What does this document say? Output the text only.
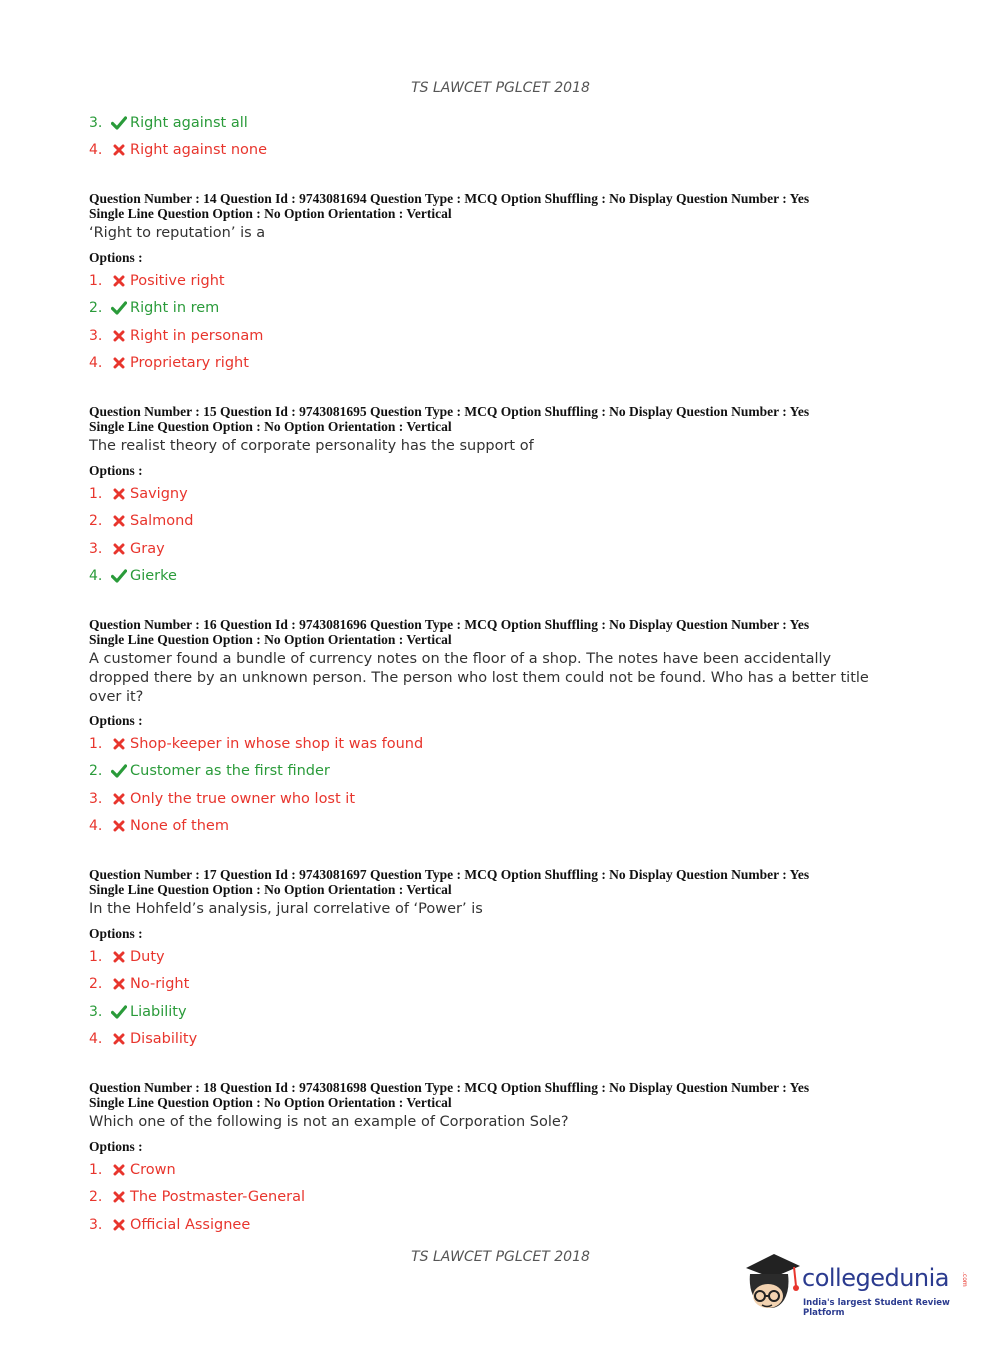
TS LAWCET PGLCET 2018
3.	Right against all
4.	Right against none
Question Number : 14 Question Id : 9743081694 Question Type : MCQ Option Shuffling : No Display Question Number : Yes
Single Line Question Option : No Option Orientation : Vertical
‘Right to reputation’ is a
Options :
1.	Positive right
2.	Right in rem
3.	Right in personam
4.	Proprietary right
Question Number : 15 Question Id : 9743081695 Question Type : MCQ Option Shuffling : No Display Question Number : Yes
Single Line Question Option : No Option Orientation : Vertical
The realist theory of corporate personality has the support of
Options :
1.	Savigny
2.	Salmond
3.	Gray
4.	Gierke
Question Number : 16 Question Id : 9743081696 Question Type : MCQ Option Shuffling : No Display Question Number : Yes
Single Line Question Option : No Option Orientation : Vertical
A customer found a bundle of currency notes on the floor of a shop. The notes have been accidentally dropped there by an unknown person. The person who lost them could not be found. Who has a better title over it?
Options :
1.	Shop-keeper in whose shop it was found
2.	Customer as the first finder
3.	Only the true owner who lost it
4.	None of them
Question Number : 17 Question Id : 9743081697 Question Type : MCQ Option Shuffling : No Display Question Number : Yes
Single Line Question Option : No Option Orientation : Vertical
In the Hohfeld’s analysis, jural correlative of ‘Power’ is
Options :
1.	Duty
2.	No-right
3.	Liability
4.	Disability
Question Number : 18 Question Id : 9743081698 Question Type : MCQ Option Shuffling : No Display Question Number : Yes
Single Line Question Option : No Option Orientation : Vertical
Which one of the following is not an example of Corporation Sole?
Options :
1.	Crown
2.	The Postmaster-General
3.	Official Assignee
TS LAWCET PGLCET 2018
collegedunia .com
India's largest Student Review Platform
